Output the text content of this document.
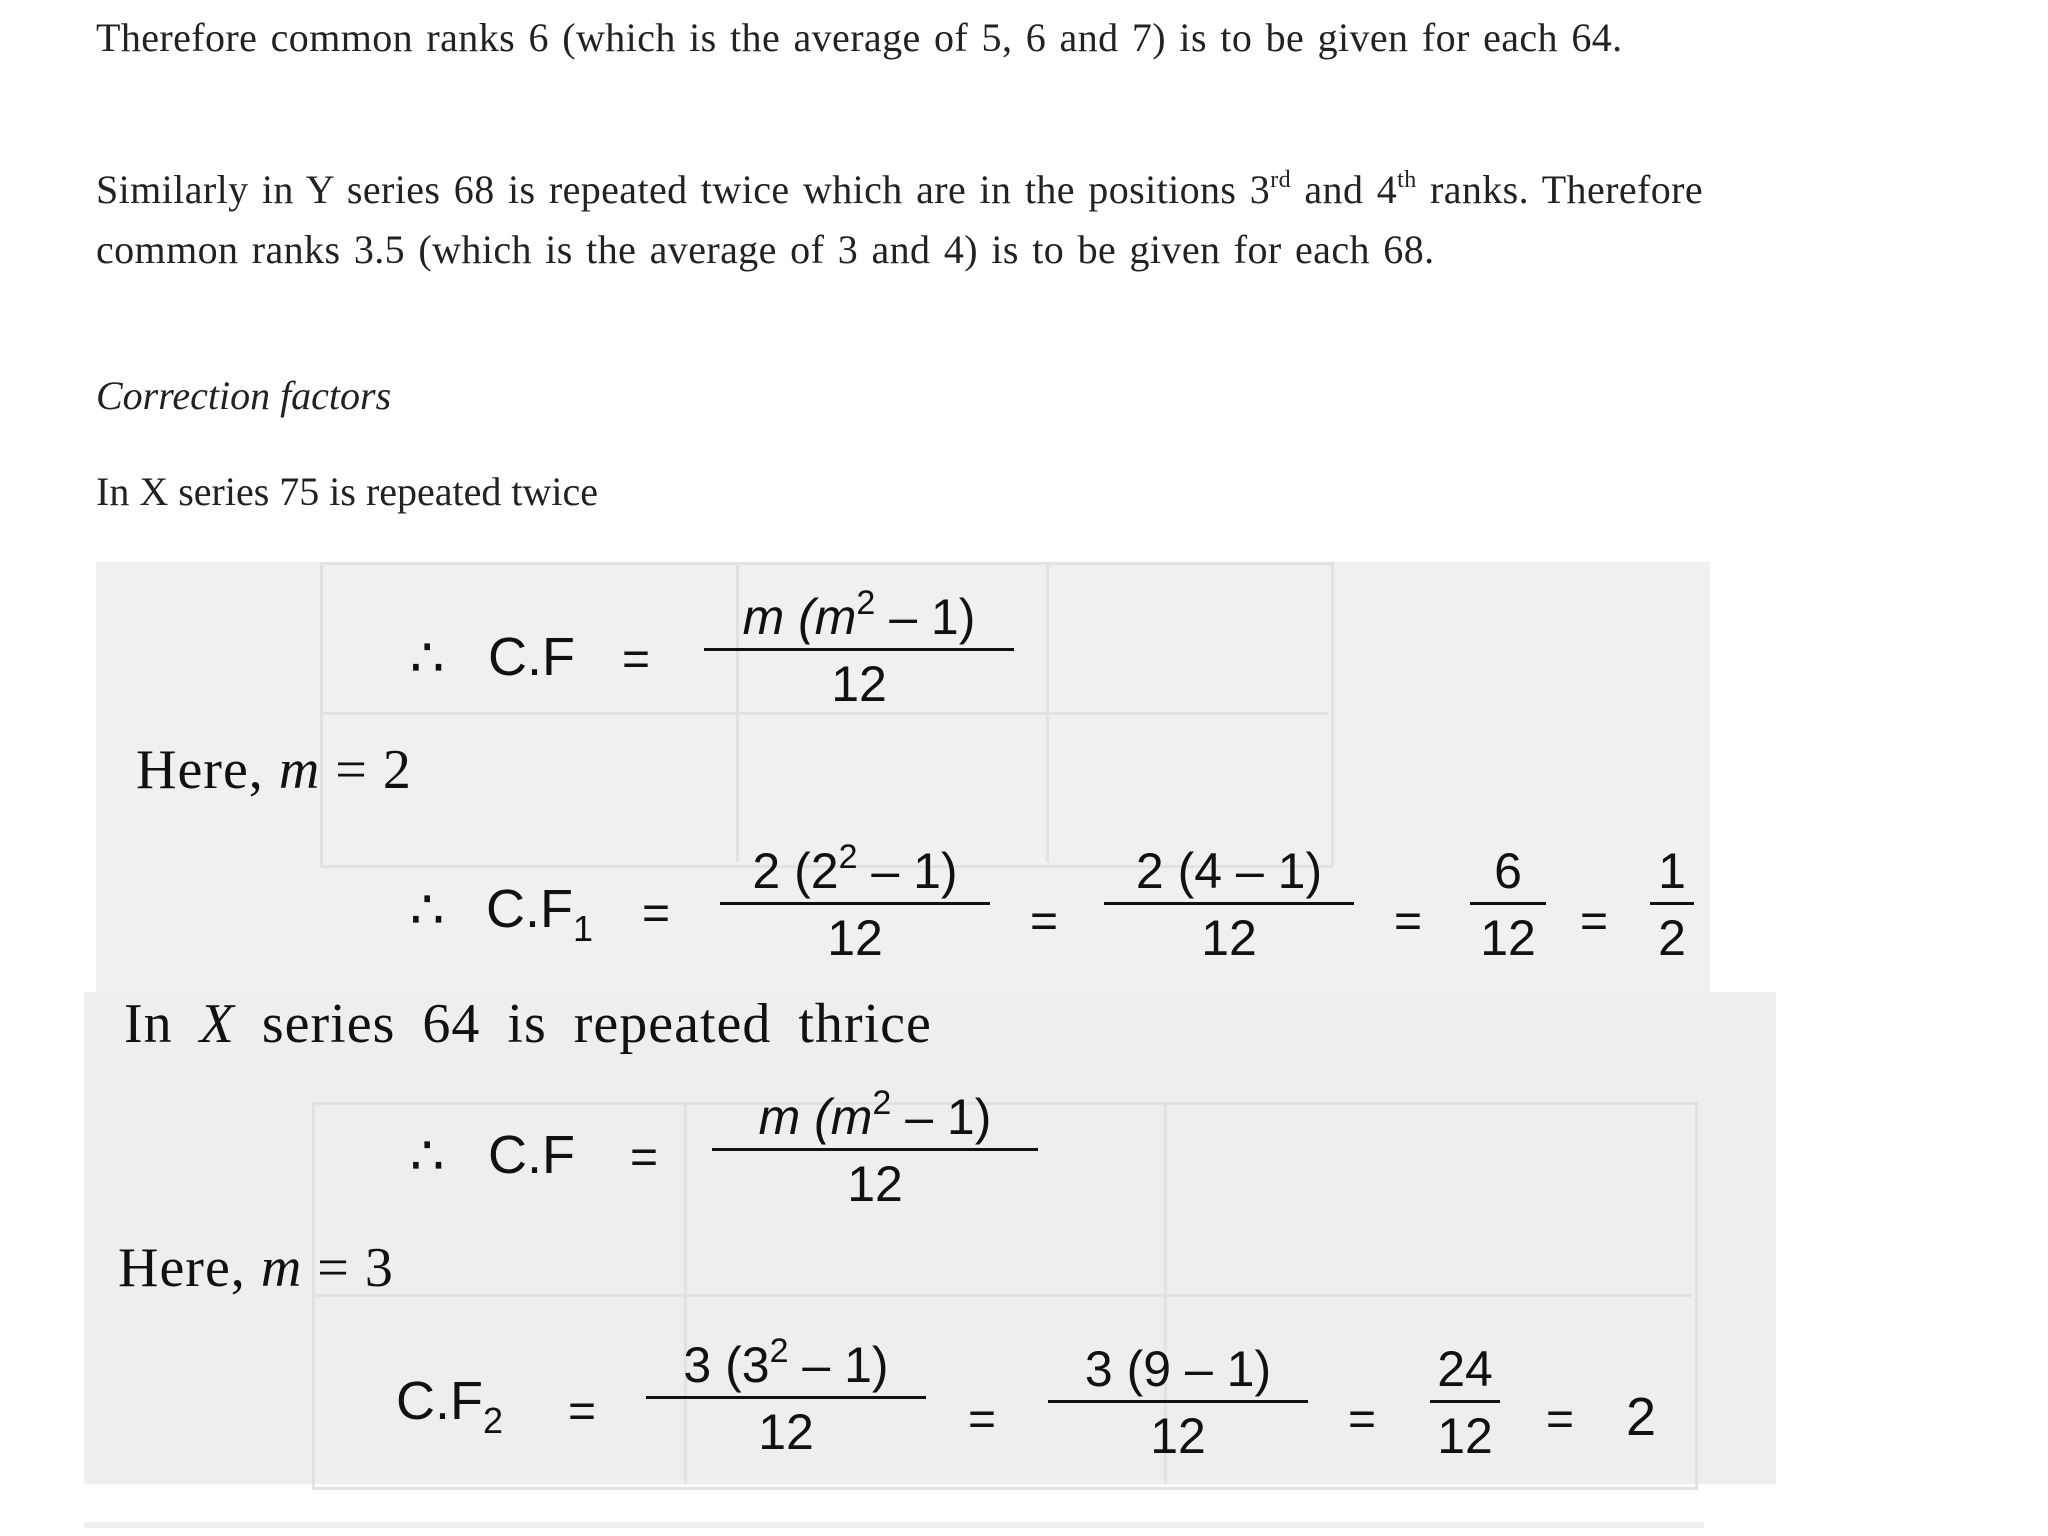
Therefore common ranks 6 (which is the average of 5, 6 and 7) is to be given for each 64.

Similarly in Y series 68 is repeated twice which are in the positions 3rd and 4th ranks. Therefore common ranks 3.5 (which is the average of 3 and 4) is to be given for each 68.

Correction factors

In X series 75 is repeated twice

∴ C.F =
m $(m^2 - 1)$
12
Here, m = 2
∴ $C.F_1$ =
2 $(2^2 - 1)$
12	=
2 (4 – 1)
12	=
6
12 =
1
2
In X series 64 is repeated thrice
∴ C.F =
m $(m^2 - 1)$
12
Here, m = 3
$C.F_2$ =
3 $(3^2 - 1)$
12	=
3 (9 – 1)
12	=
24
12 = 2
